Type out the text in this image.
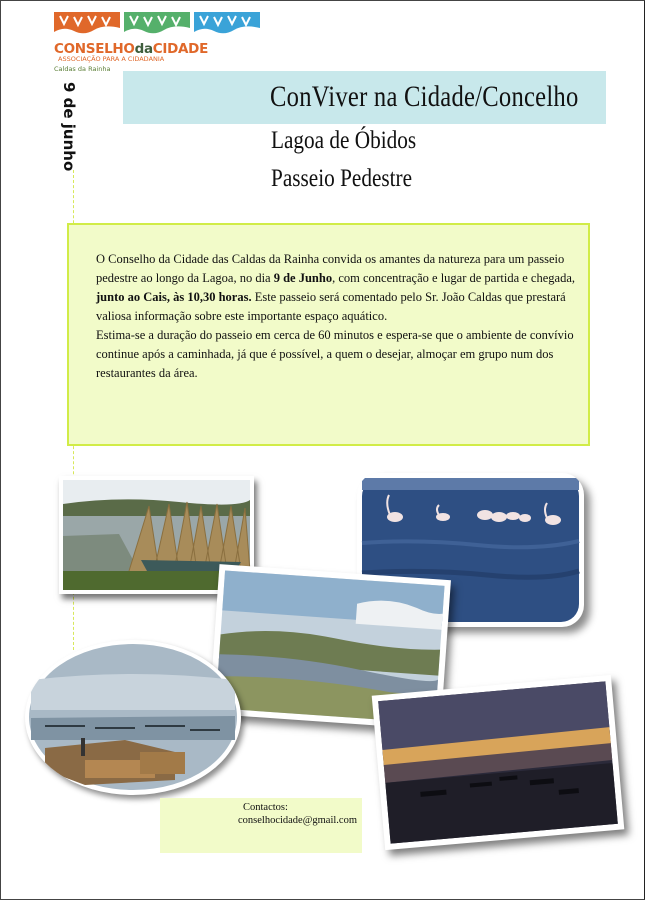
CONSELHOdaCIDADE
ASSOCIAÇÃO PARA A CIDADANIA
Caldas da Rainha
9 de junho	ConViver na Cidade/Concelho
Lagoa de Óbidos
Passeio Pedestre

O Conselho da Cidade das Caldas da Rainha convida os amantes da natureza para um passeio pedestre ao longo da Lagoa, no dia 9 de Junho, com concentração e lugar de partida e chegada, junto ao Cais, às 10,30 horas. Este passeio será comentado pelo Sr. João Caldas que prestará valiosa informação sobre este importante espaço aquático.

Estima-se a duração do passeio em cerca de 60 minutos e espera-se que o ambiente de convívio continue após a caminhada, já que é possível, a quem o desejar, almoçar em grupo num dos restaurantes da área.

Contactos:
conselhocidade@gmail.com
